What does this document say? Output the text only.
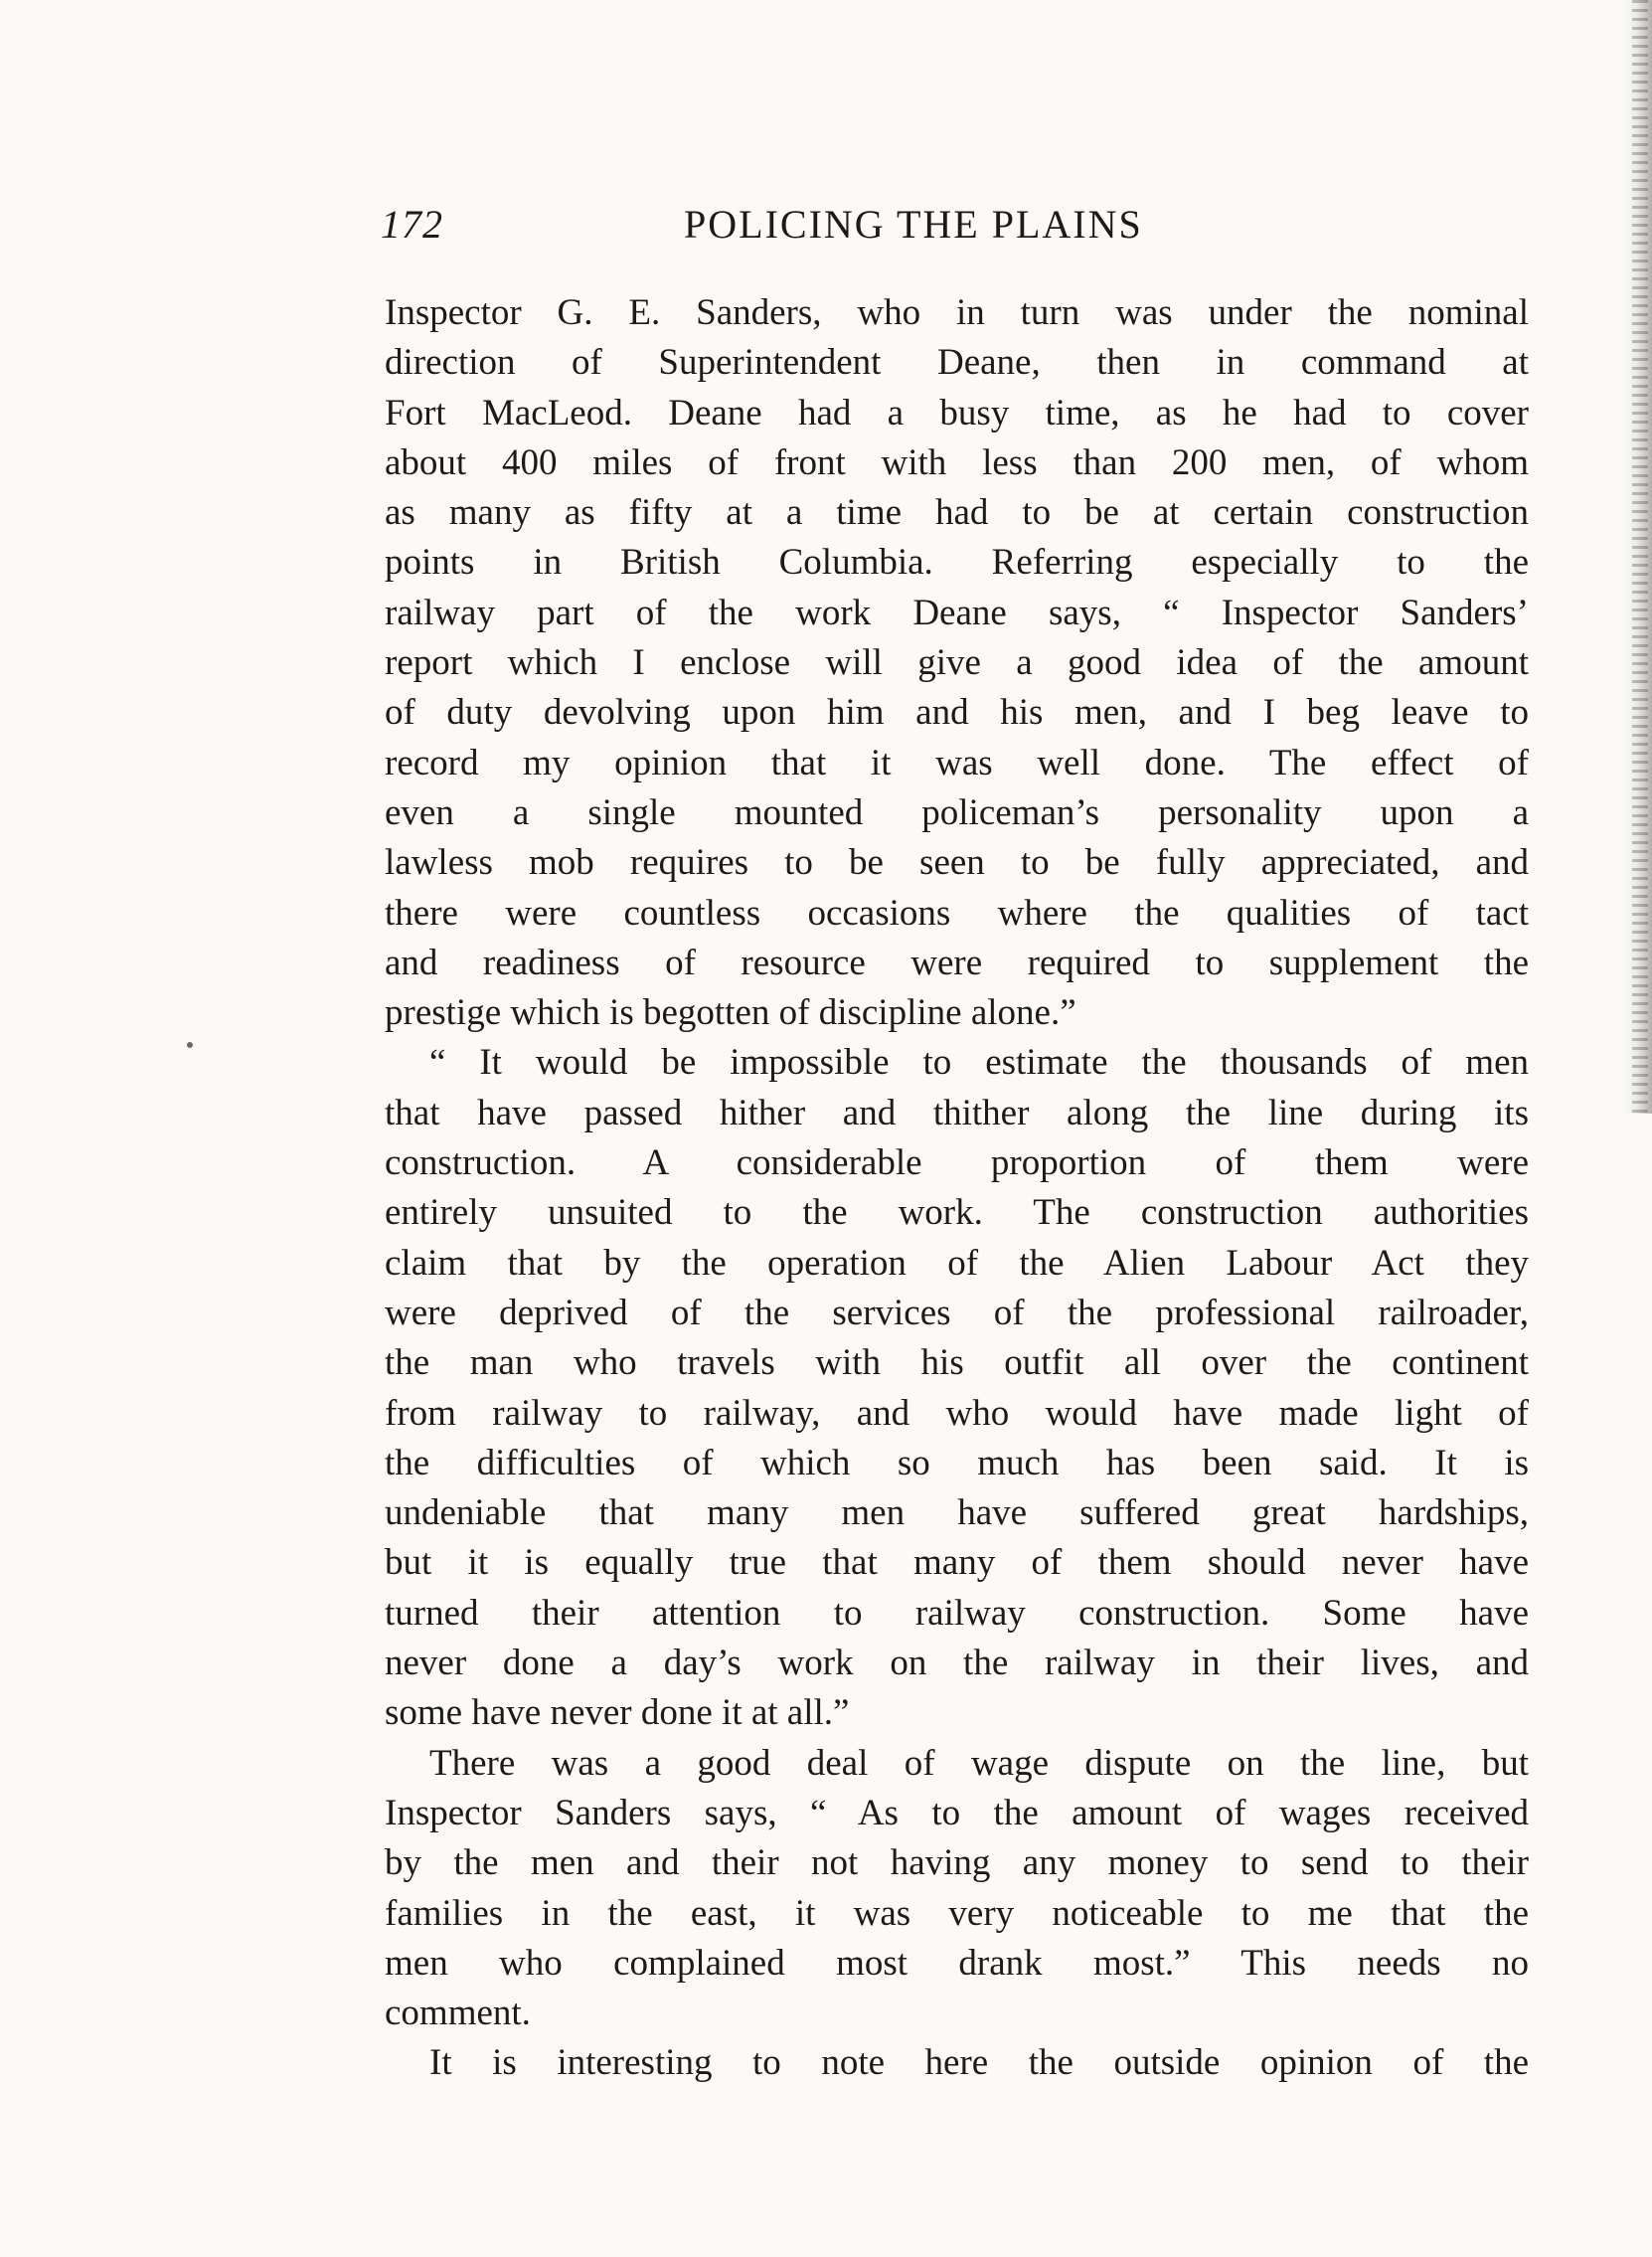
172	POLICING THE PLAINS

Inspector G. E. Sanders, who in turn was under the nominal
direction of Superintendent Deane, then in command at
Fort MacLeod. Deane had a busy time, as he had to cover
about 400 miles of front with less than 200 men, of whom
as many as fifty at a time had to be at certain construction
points in British Columbia. Referring especially to the
railway part of the work Deane says, “ Inspector Sanders’
report which I enclose will give a good idea of the amount
of duty devolving upon him and his men, and I beg leave to
record my opinion that it was well done. The effect of
even a single mounted policeman’s personality upon a
lawless mob requires to be seen to be fully appreciated, and
there were countless occasions where the qualities of tact
and readiness of resource were required to supplement the
prestige which is begotten of discipline alone.”

“ It would be impossible to estimate the thousands of men
that have passed hither and thither along the line during its
construction. A considerable proportion of them were
entirely unsuited to the work. The construction authorities
claim that by the operation of the Alien Labour Act they
were deprived of the services of the professional railroader,
the man who travels with his outfit all over the continent
from railway to railway, and who would have made light of
the difficulties of which so much has been said. It is
undeniable that many men have suffered great hardships,
but it is equally true that many of them should never have
turned their attention to railway construction. Some have
never done a day’s work on the railway in their lives, and
some have never done it at all.”

There was a good deal of wage dispute on the line, but
Inspector Sanders says, “ As to the amount of wages received
by the men and their not having any money to send to their
families in the east, it was very noticeable to me that the
men who complained most drank most.” This needs no
comment.

It is interesting to note here the outside opinion of the
